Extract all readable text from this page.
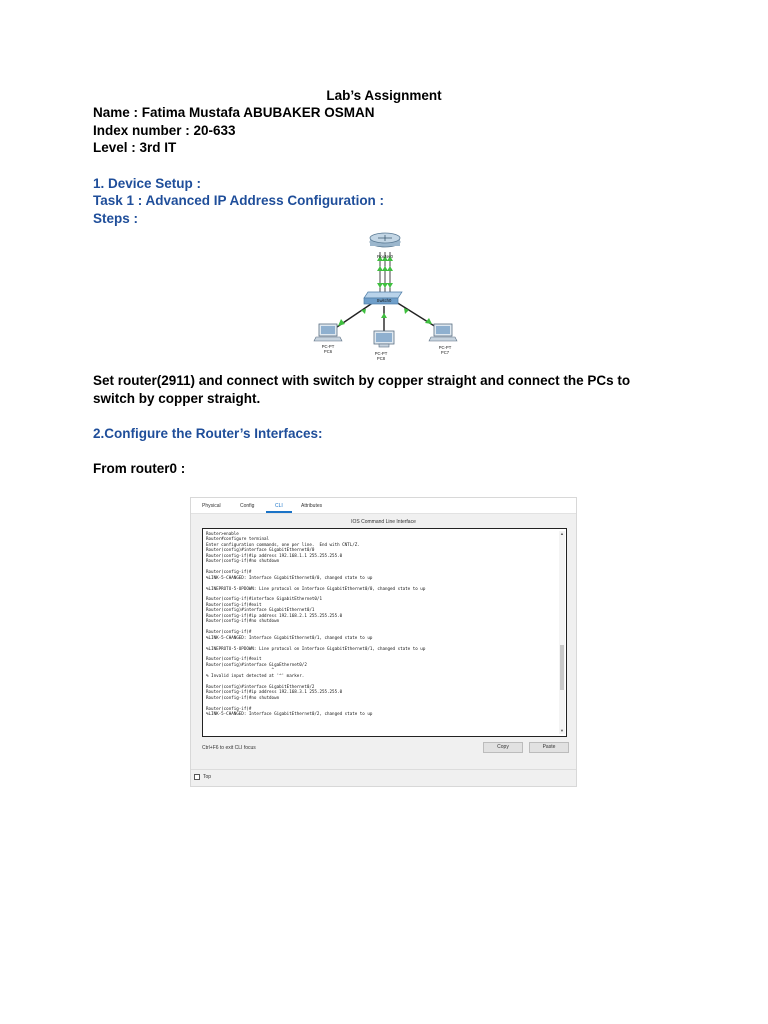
Lab’s Assignment
Name : Fatima Mustafa ABUBAKER OSMAN
Index number : 20-633
Level : 3rd IT
1. Device Setup :
Task 1 : Advanced IP Address Configuration :
Steps :
Router0
Switch0
PC-PT
PC6	PC-PT
PC8
PC-PT
PC7
Set router(2911) and connect with switch by copper straight and connect the PCs to switch by copper straight.
2.Configure the Router’s Interfaces:
From router0 :
Physical	Config	CLI	Attributes
IOS Command Line Interface
Router>enable
Router#configure terminal
Enter configuration commands, one per line.  End with CNTL/Z.
Router(config)#interface GigabitEthernet0/0
Router(config-if)#ip address 192.168.1.1 255.255.255.0
Router(config-if)#no shutdown

Router(config-if)#
%LINK-5-CHANGED: Interface GigabitEthernet0/0, changed state to up

%LINEPROTO-5-UPDOWN: Line protocol on Interface GigabitEthernet0/0, changed state to up

Router(config-if)#interface GigabitEthernet0/1
Router(config-if)#exit
Router(config)#interface GigabitEthernet0/1
Router(config-if)#ip address 192.168.2.1 255.255.255.0
Router(config-if)#no shutdown

Router(config-if)#
%LINK-5-CHANGED: Interface GigabitEthernet0/1, changed state to up

%LINEPROTO-5-UPDOWN: Line protocol on Interface GigabitEthernet0/1, changed state to up

Router(config-if)#exit
Router(config)#interface GigaEthernet0/2
^
% Invalid input detected at '^' marker.

Router(config)#interface GigabitEthernet0/2
Router(config-if)#ip address 192.168.3.1 255.255.255.0
Router(config-if)#no shutdown

Router(config-if)#
%LINK-5-CHANGED: Interface GigabitEthernet0/2, changed state to up
▲
▼
Ctrl+F6 to exit CLI focus	Copy	Paste
Top
